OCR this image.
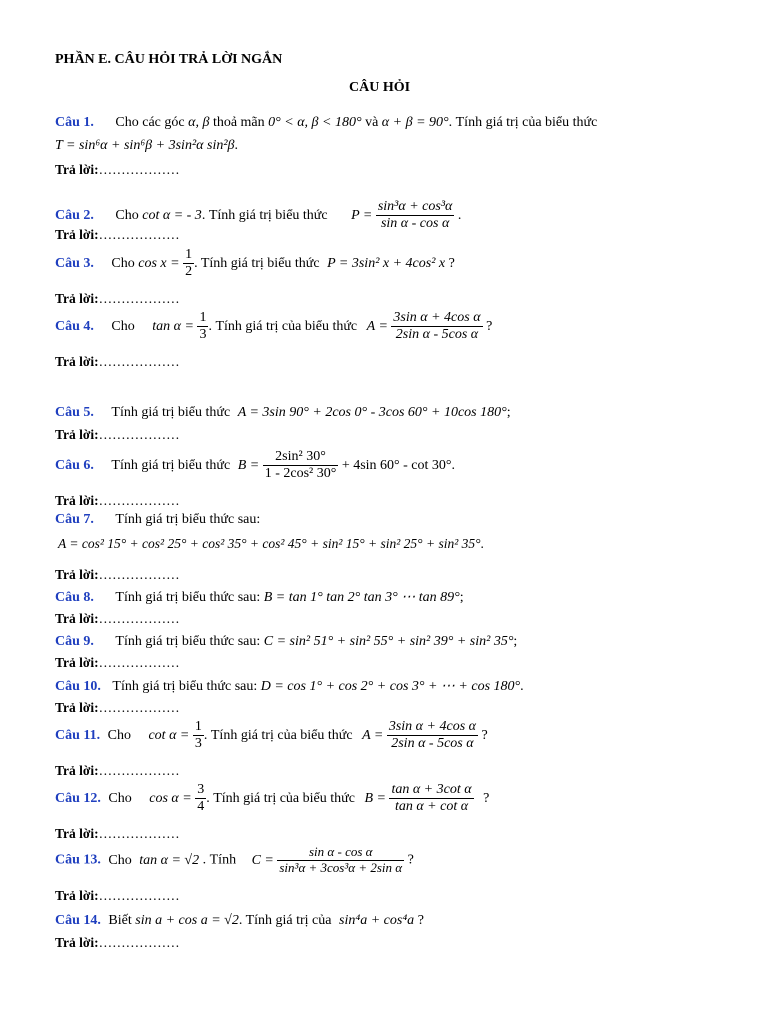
PHẦN E. CÂU HỎI TRẢ LỜI NGẮN
CÂU HỎI
Câu 1. Cho các góc α, β thoả mãn 0° < α, β < 180° và α + β = 90°. Tính giá trị của biểu thức
T = sin⁶α + sin⁶β + 3sin²α sin²β.
Trả lời:………………
Câu 2. Cho cot α = - 3. Tính giá trị biểu thức $P = \frac{\text{sin³α + cos³α}}{\text{sin α - cos α}}$ .
Trả lời:………………
Câu 3. Cho $\cos x = \frac{1}{2}$ . Tính giá trị biểu thức P = 3sin² x + 4cos² x ?
Trả lời:………………
Câu 4. Cho $\tan \alpha = \frac{1}{3}$ . Tính giá trị của biểu thức $A = \frac{\text{3sin α + 4cos α}}{\text{2sin α - 5cos α}}$ ?
Trả lời:………………
Câu 5. Tính giá trị biểu thức A = 3sin 90° + 2cos 0° - 3cos 60° + 10cos 180°;
Trả lời:………………
Câu 6. Tính giá trị biểu thức $B = \frac{\text{2sin² 30°}}{\text{1 - 2cos² 30°}} + 4\sin$ 60° - cot 30°.
Trả lời:………………
Câu 7. Tính giá trị biểu thức sau:
A = cos² 15° + cos² 25° + cos² 35° + cos² 45° + sin² 15° + sin² 25° + sin² 35°.
Trả lời:………………
Câu 8. Tính giá trị biểu thức sau: B = tan 1° tan 2° tan 3° ⋯ tan 89°;
Trả lời:………………
Câu 9. Tính giá trị biểu thức sau: C = sin² 51° + sin² 55° + sin² 39° + sin² 35°;
Trả lời:………………
Câu 10. Tính giá trị biểu thức sau: D = cos 1° + cos 2° + cos 3° + ⋯ + cos 180°.
Trả lời:………………
Câu 11. Cho $\cot \alpha = \frac{1}{3}$ . Tính giá trị của biểu thức $A = \frac{\text{3sin α + 4cos α}}{\text{2sin α - 5cos α}}$ ?
Trả lời:………………
Câu 12. Cho $\cos \alpha = \frac{3}{4}$ . Tính giá trị của biểu thức $B = \frac{\text{tan α + 3cot α}}{\text{tan α + cot α}}$ ?
Trả lời:………………
Câu 13. Cho tan α = √2 . Tính $C = \frac{\text{sin α - cos α}}{\text{sin³α + 3cos³α + 2sin α}}$ ?
Trả lời:………………
Câu 14. Biết sin a + cos a = √2. Tính giá trị của sin⁴a + cos⁴a ?
Trả lời:………………
